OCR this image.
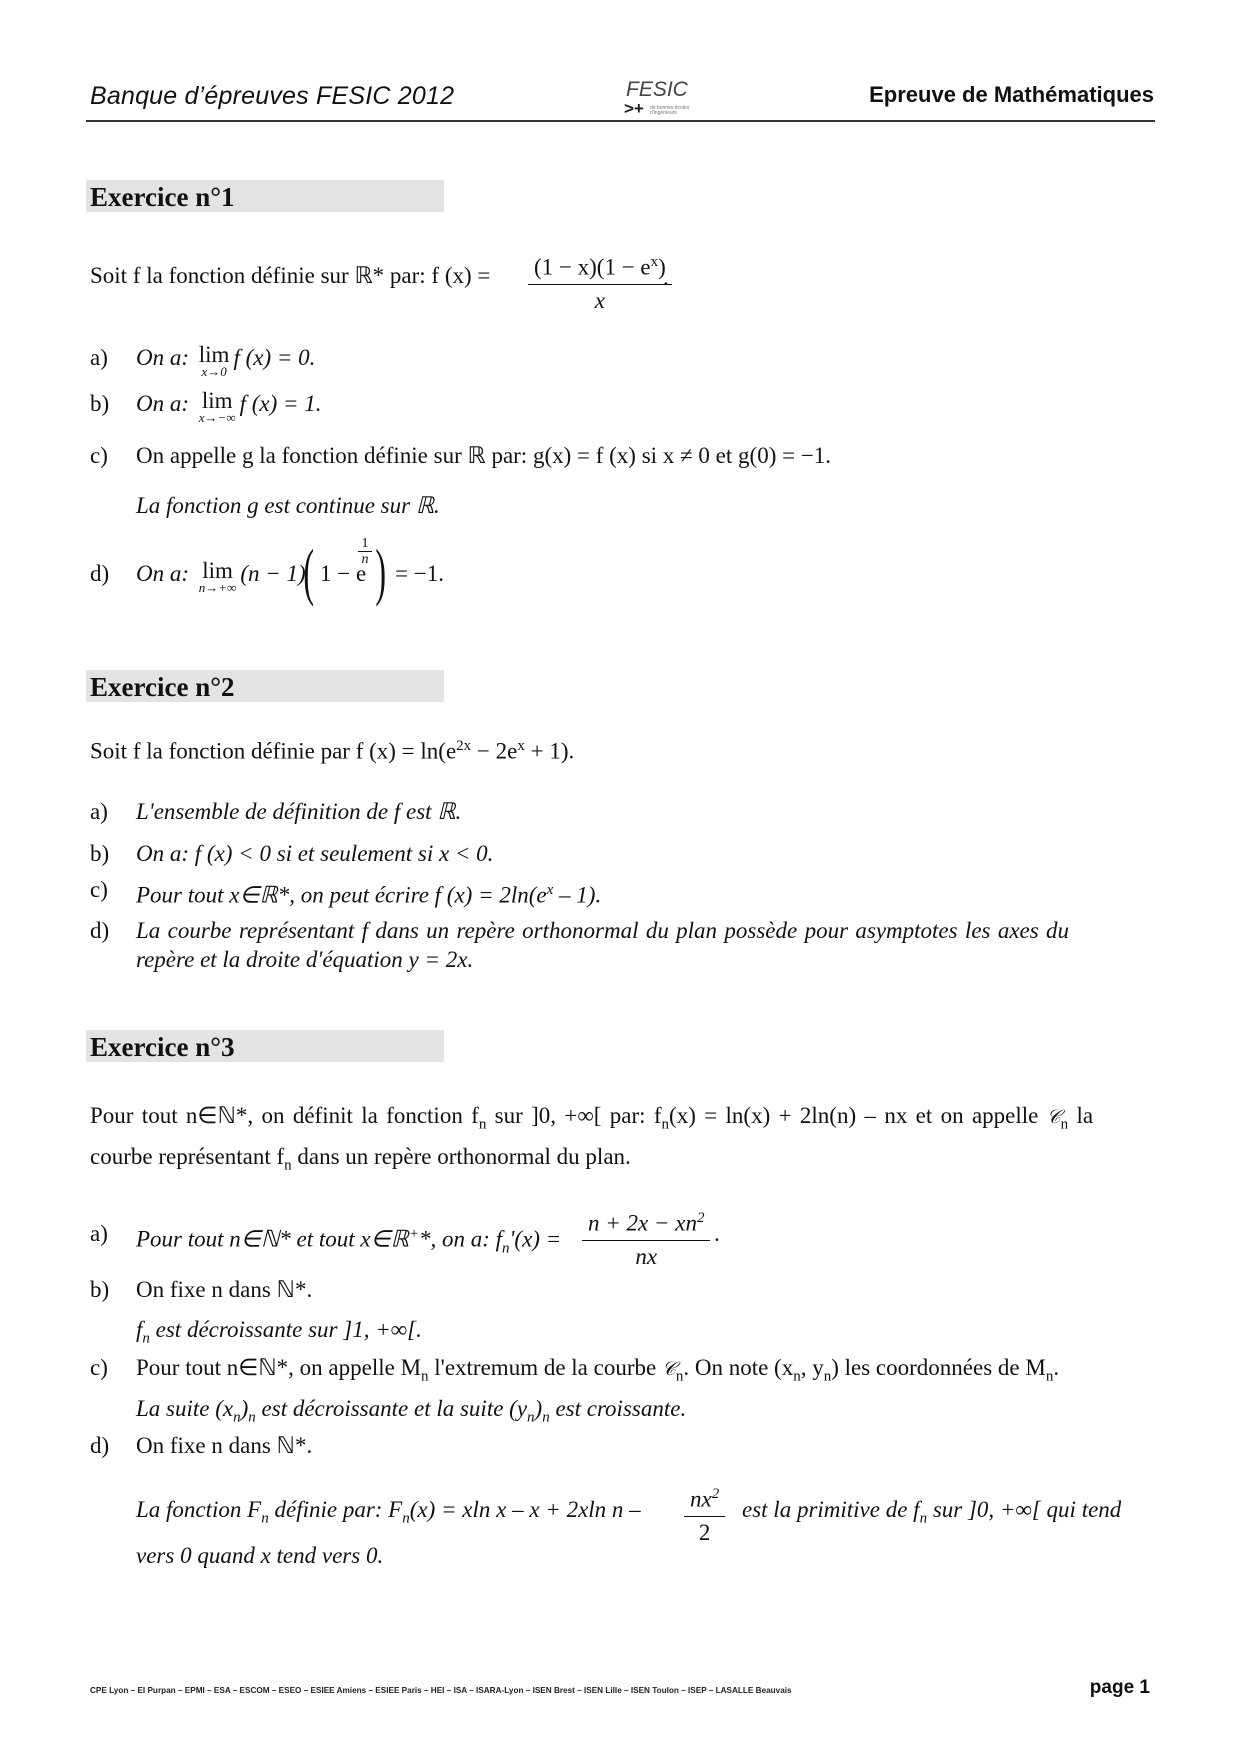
Banque d’épreuves FESIC 2012	FESIC
>+ de bonnes écoles d'ingénieurs
Epreuve de Mathématiques
Exercice n°1
Soit f la fonction définie sur ℝ* par: f $(x) = (1 - x)(1 - e^x)$
x
.
a) On a: lim
x→0
f (x) = 0.
b) On a: lim
x→−∞
f (x) = 1.
c) On appelle g la fonction définie sur ℝ par: g(x) = f (x) si x ≠ 0 et g(0) = −1.
La fonction g est continue sur ℝ.
d) On a: lim
n→+∞
(n − 1)
( 1 − e
$\frac{1}{n}$ ) = −1.
Exercice n°2
Soit f la fonction définie par f $(x) = \ln(e^{2x} - 2e^x + 1)$.
a) L'ensemble de définition de f est ℝ.
b) On a: f (x) < 0 si et seulement si x < 0.
c) Pour tout x∈ℝ*, on peut écrire f $(x) = 2\ln(e^x - 1)$.
d) La courbe représentant f dans un repère orthonormal du plan possède pour asymptotes les axes du
repère et la droite d'équation y = 2x.
Exercice n°3
Pour tout n∈ℕ*, on définit la fonction $f_n$ sur ]0, +∞[ par: $f_n(x) = \ln(x) + 2\ln(n)$ – nx et on appelle 𝒞$_n$ la
courbe représentant $f_n$ dans un repère orthonormal du plan.
a) Pour tout n∈ℕ* et tout x∈ℝ+*, on a: $f_n'(x)$ =
$n + 2x - xn^2$
nx
.
b) On fixe n dans ℕ*.
$f_n$ est décroissante sur ]1, +∞[.
c) Pour tout n∈ℕ*, on appelle $M_n$ l'extremum de la courbe 𝒞$_n$. On note ($x_n$, $y_n$) les coordonnées de $M_n$.
La suite $(x_n)_n$ est décroissante et la suite $(y_n)_n$ est croissante.
d) On fixe n dans ℕ*.
La fonction $F_n$ définie par: $F_n(x) = xln$ x – x + 2xln n – $nx^2$
2
est la primitive de $f_n$ sur ]0, +∞[ qui tend
vers 0 quand x tend vers 0.
CPE Lyon – EI Purpan – EPMI – ESA – ESCOM – ESEO – ESIEE Amiens – ESIEE Paris – HEI – ISA – ISARA-Lyon – ISEN Brest – ISEN Lille – ISEN Toulon – ISEP – LASALLE Beauvais	page 1
